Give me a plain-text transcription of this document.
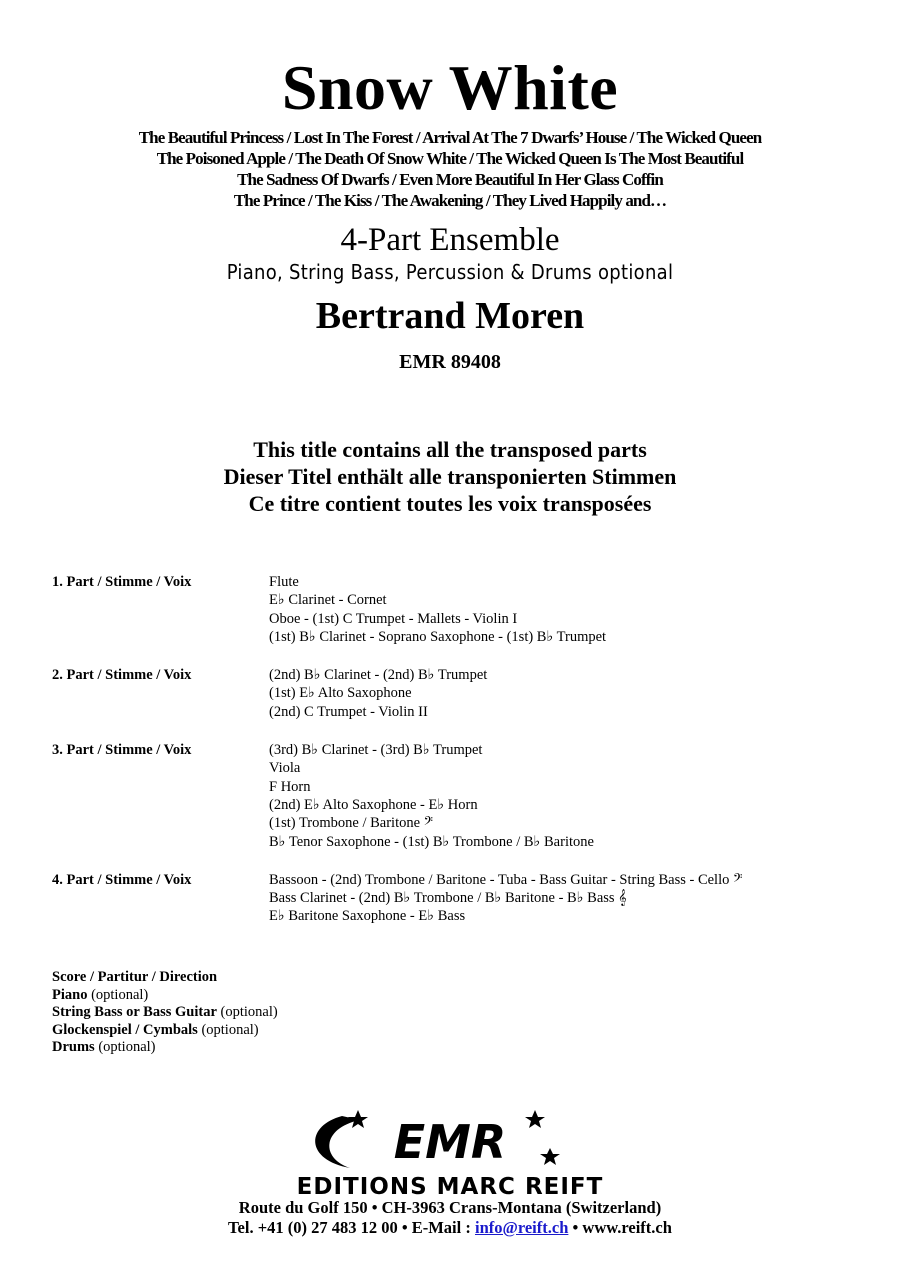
Snow White
The Beautiful Princess / Lost In The Forest / Arrival At The 7 Dwarfs’ House / The Wicked Queen
The Poisoned Apple / The Death Of Snow White / The Wicked Queen Is The Most Beautiful
The Sadness Of Dwarfs / Even More Beautiful In Her Glass Coffin
The Prince / The Kiss / The Awakening / They Lived Happily and…
4-Part Ensemble
Piano, String Bass, Percussion & Drums optional
Bertrand Moren
EMR 89408
This title contains all the transposed parts
Dieser Titel enthält alle transponierten Stimmen
Ce titre contient toutes les voix transposées
1. Part / Stimme / Voix	Flute
E♭ Clarinet - Cornet
Oboe - (1st) C Trumpet - Mallets - Violin I
(1st) B♭ Clarinet - Soprano Saxophone - (1st) B♭ Trumpet
2. Part / Stimme / Voix	(2nd) B♭ Clarinet - (2nd) B♭ Trumpet
(1st) E♭ Alto Saxophone
(2nd) C Trumpet - Violin II
3. Part / Stimme / Voix	(3rd) B♭ Clarinet - (3rd) B♭ Trumpet
Viola
F Horn
(2nd) E♭ Alto Saxophone - E♭ Horn
(1st) Trombone / Baritone 𝄢
B♭ Tenor Saxophone - (1st) B♭ Trombone / B♭ Baritone
4. Part / Stimme / Voix	Bassoon - (2nd) Trombone / Baritone - Tuba - Bass Guitar - String Bass - Cello 𝄢
Bass Clarinet - (2nd) B♭ Trombone / B♭ Baritone - B♭ Bass 𝄞
E♭ Baritone Saxophone - E♭ Bass
Score / Partitur / Direction
Piano (optional)
String Bass or Bass Guitar (optional)
Glockenspiel / Cymbals (optional)
Drums (optional)
EMR
EDITIONS MARC REIFT
Route du Golf 150 • CH-3963 Crans-Montana (Switzerland)
Tel. +41 (0) 27 483 12 00 • E-Mail : info@reift.ch • www.reift.ch
